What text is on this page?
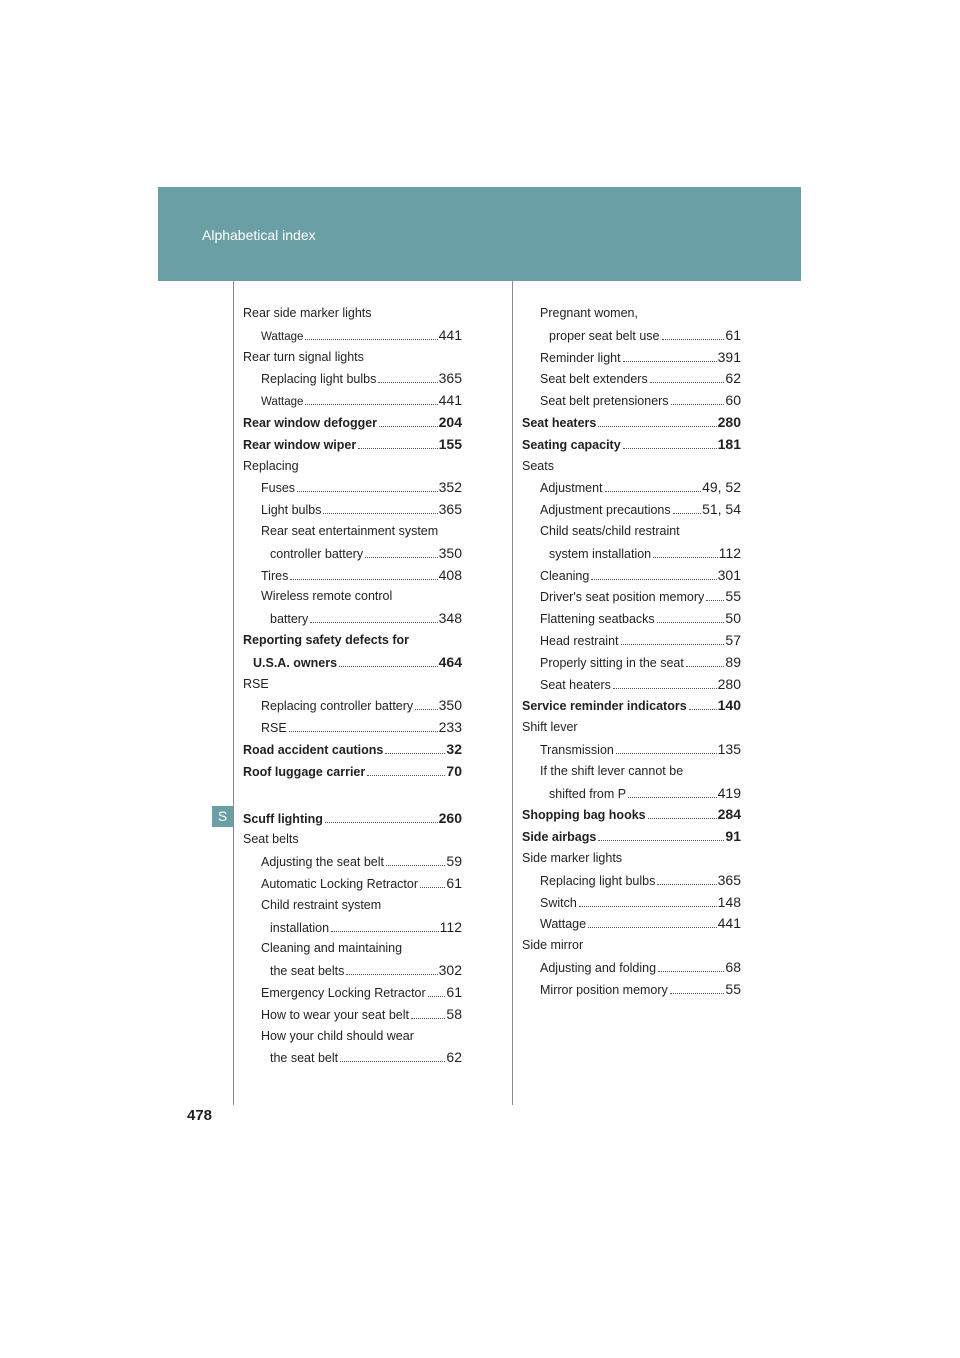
Alphabetical index
S
Rear side marker lights
Wattage	441
Rear turn signal lights
Replacing light bulbs	365
Wattage	441
Rear window defogger	204
Rear window wiper	155
Replacing
Fuses	352
Light bulbs	365
Rear seat entertainment system
controller battery	350
Tires	408
Wireless remote control
battery	348
Reporting safety defects for
U.S.A. owners	464
RSE
Replacing controller battery 350
RSE	233
Road accident cautions	32
Roof luggage carrier	70
Scuff lighting	260
Seat belts
Adjusting the seat belt	59
Automatic Locking Retractor 61
Child restraint system
installation	112
Cleaning and maintaining
the seat belts	302
Emergency Locking Retractor 61
How to wear your seat belt	58
How your child should wear
the seat belt	62
Pregnant women,
proper seat belt use	61
Reminder light	391
Seat belt extenders	62
Seat belt pretensioners	60
Seat heaters	280
Seating capacity	181
Seats
Adjustment	49, 52
Adjustment precautions 51, 54
Child seats/child restraint
system installation	112
Cleaning	301
Driver's seat position memory 55
Flattening seatbacks	50
Head restraint	57
Properly sitting in the seat	89
Seat heaters	280
Service reminder indicators 140
Shift lever
Transmission	135
If the shift lever cannot be
shifted from P	419
Shopping bag hooks	284
Side airbags	91
Side marker lights
Replacing light bulbs	365
Switch	148
Wattage	441
Side mirror
Adjusting and folding	68
Mirror position memory	55
478
